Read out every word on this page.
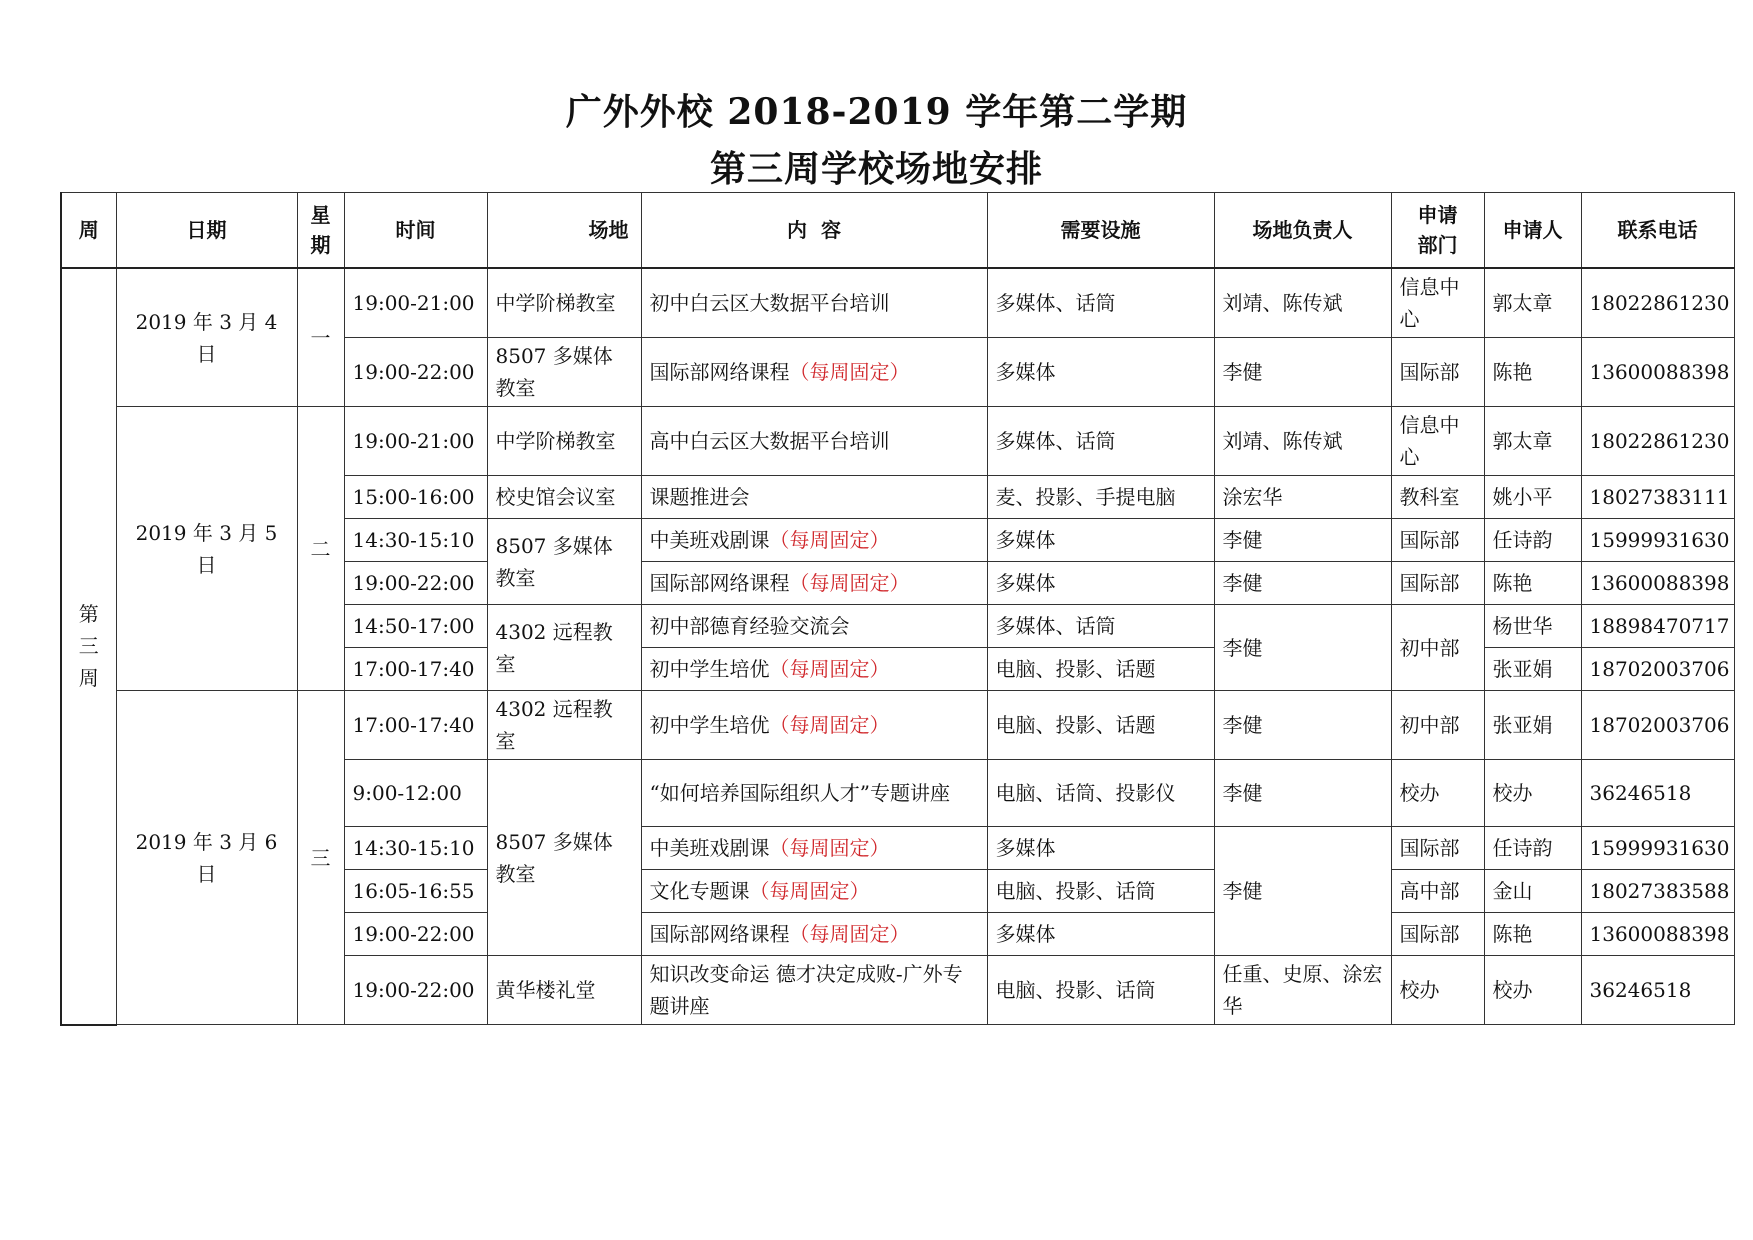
广外外校 2018-2019 学年第二学期
第三周学校场地安排
周	日期	星期	时间	场地	内  容	需要设施	场地负责人	申请部门	申请人	联系电话
第三周	2019 年 3 月 4 日	一	19:00-21:00	中学阶梯教室	初中白云区大数据平台培训	多媒体、话筒	刘靖、陈传斌	信息中心	郭太章	18022861230
			19:00-22:00	8507 多媒体教室	国际部网络课程（每周固定）	多媒体	李健	国际部	陈艳	13600088398
	2019 年 3 月 5 日	二	19:00-21:00	中学阶梯教室	高中白云区大数据平台培训	多媒体、话筒	刘靖、陈传斌	信息中心	郭太章	18022861230
			15:00-16:00	校史馆会议室	课题推进会	麦、投影、手提电脑	涂宏华	教科室	姚小平	18027383111
			14:30-15:10	8507 多媒体教室	中美班戏剧课（每周固定）	多媒体	李健	国际部	任诗韵	15999931630
			19:00-22:00		国际部网络课程（每周固定）	多媒体	李健	国际部	陈艳	13600088398
			14:50-17:00	4302 远程教室	初中部德育经验交流会	多媒体、话筒	李健	初中部	杨世华	18898470717
			17:00-17:40		初中学生培优（每周固定）	电脑、投影、话题			张亚娟	18702003706
	2019 年 3 月 6 日	三	17:00-17:40	4302 远程教室	初中学生培优（每周固定）	电脑、投影、话题	李健	初中部	张亚娟	18702003706
			9:00-12:00	8507 多媒体教室	“如何培养国际组织人才”专题讲座	电脑、话筒、投影仪	李健	校办	校办	36246518
			14:30-15:10		中美班戏剧课（每周固定）	多媒体	李健	国际部	任诗韵	15999931630
			16:05-16:55		文化专题课（每周固定）	电脑、投影、话筒		高中部	金山	18027383588
			19:00-22:00		国际部网络课程（每周固定）	多媒体		国际部	陈艳	13600088398
			19:00-22:00	黄华楼礼堂	知识改变命运 德才决定成败-广外专题讲座	电脑、投影、话筒	任重、史原、涂宏华	校办	校办	36246518
